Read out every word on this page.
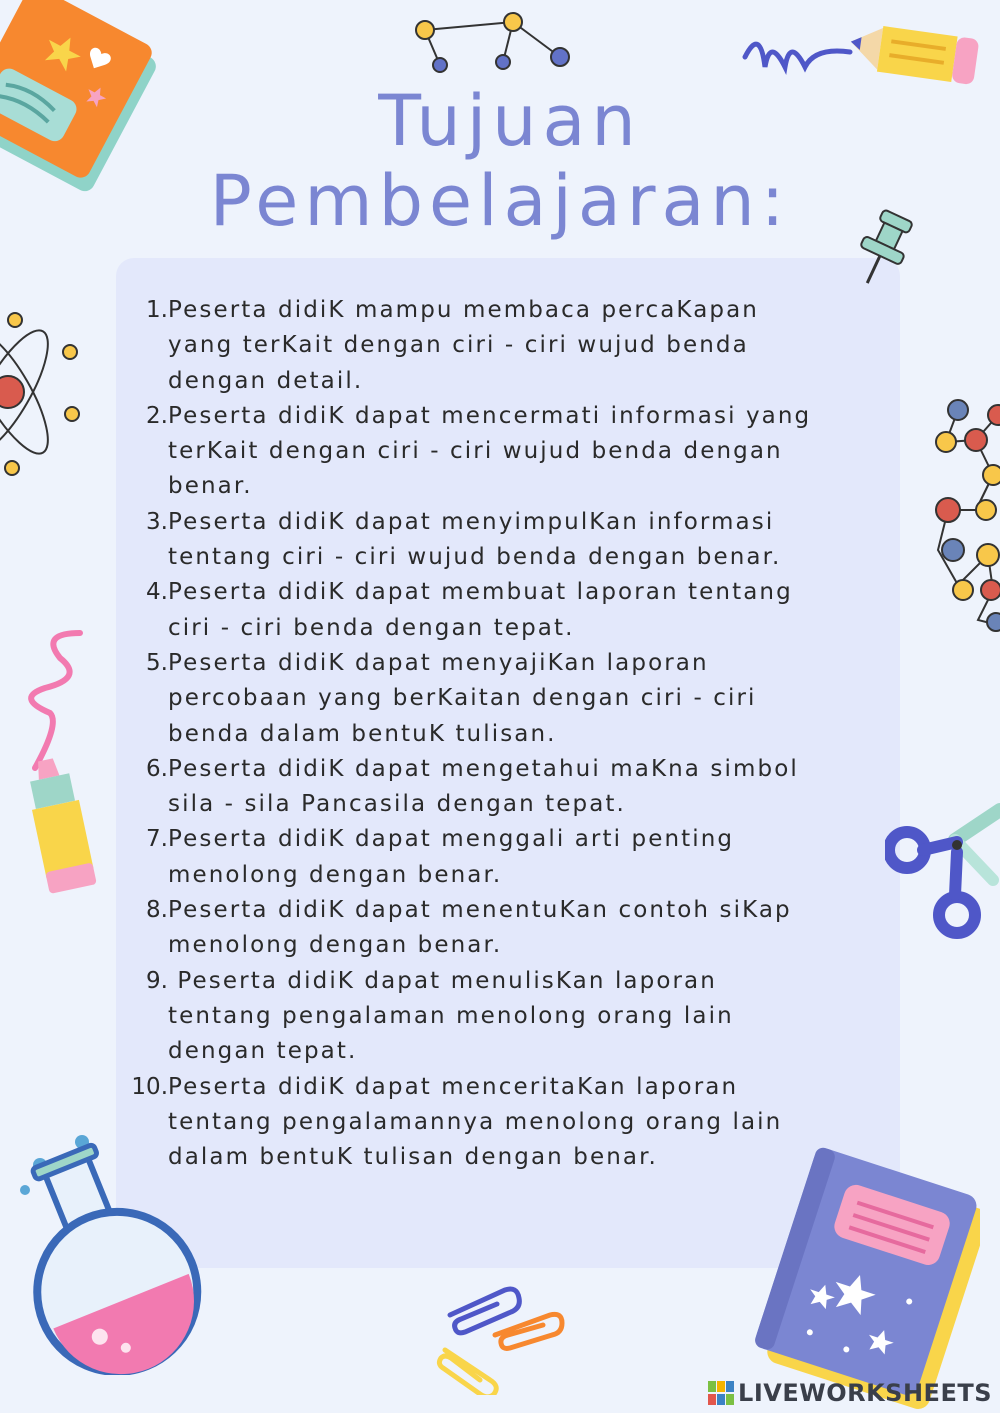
Tujuan
Pembelajaran:
1. Peserta didiK mampu membaca percaKapan
yang terKait dengan ciri - ciri wujud benda
dengan detail.
2. Peserta didiK dapat mencermati informasi yang
terKait dengan ciri - ciri wujud benda dengan
benar.
3. Peserta didiK dapat menyimpulKan informasi
tentang ciri - ciri wujud benda dengan benar.
4. Peserta didiK dapat membuat laporan tentang
ciri - ciri benda dengan tepat.
5. Peserta didiK dapat menyajiKan laporan
percobaan yang berKaitan dengan ciri - ciri
benda dalam bentuK tulisan.
6. Peserta didiK dapat mengetahui maKna simbol
sila - sila Pancasila dengan tepat.
7. Peserta didiK dapat menggali arti penting
menolong dengan benar.
8. Peserta didiK dapat menentuKan contoh siKap
menolong dengan benar.
9. Peserta didiK dapat menulisKan laporan
tentang pengalaman menolong orang lain
dengan tepat.
10. Peserta didiK dapat menceritaKan laporan
tentang pengalamannya menolong orang lain
dalam bentuK tulisan dengan benar.
LIVEWORKSHEETS
